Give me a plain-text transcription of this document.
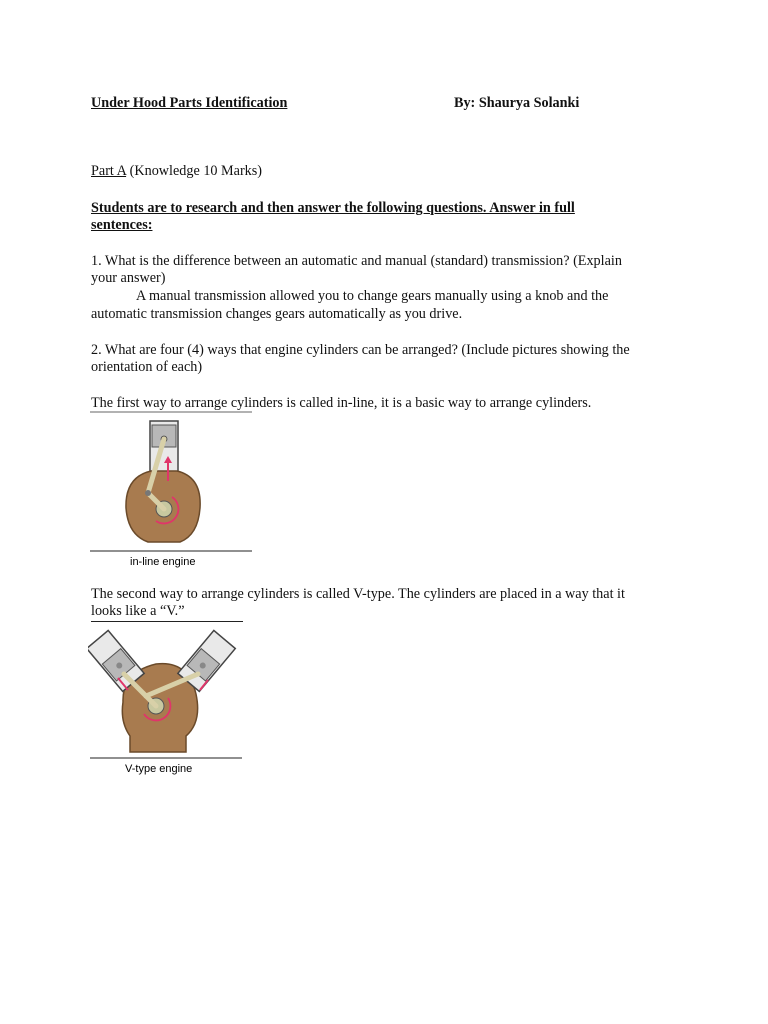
Under Hood Parts Identification	By: Shaurya Solanki
Part A (Knowledge 10 Marks)
Students are to research and then answer the following questions. Answer in full
sentences:
1. What is the difference between an automatic and manual (standard) transmission? (Explain
your answer)
A manual transmission allowed you to change gears manually using a knob and the
automatic transmission changes gears automatically as you drive.
2. What are four (4) ways that engine cylinders can be arranged? (Include pictures showing the
orientation of each)
The first way to arrange cylinders is called in-line, it is a basic way to arrange cylinders.
in-line engine
The second way to arrange cylinders is called V-type. The cylinders are placed in a way that it
looks like a “V.”
V-type engine
